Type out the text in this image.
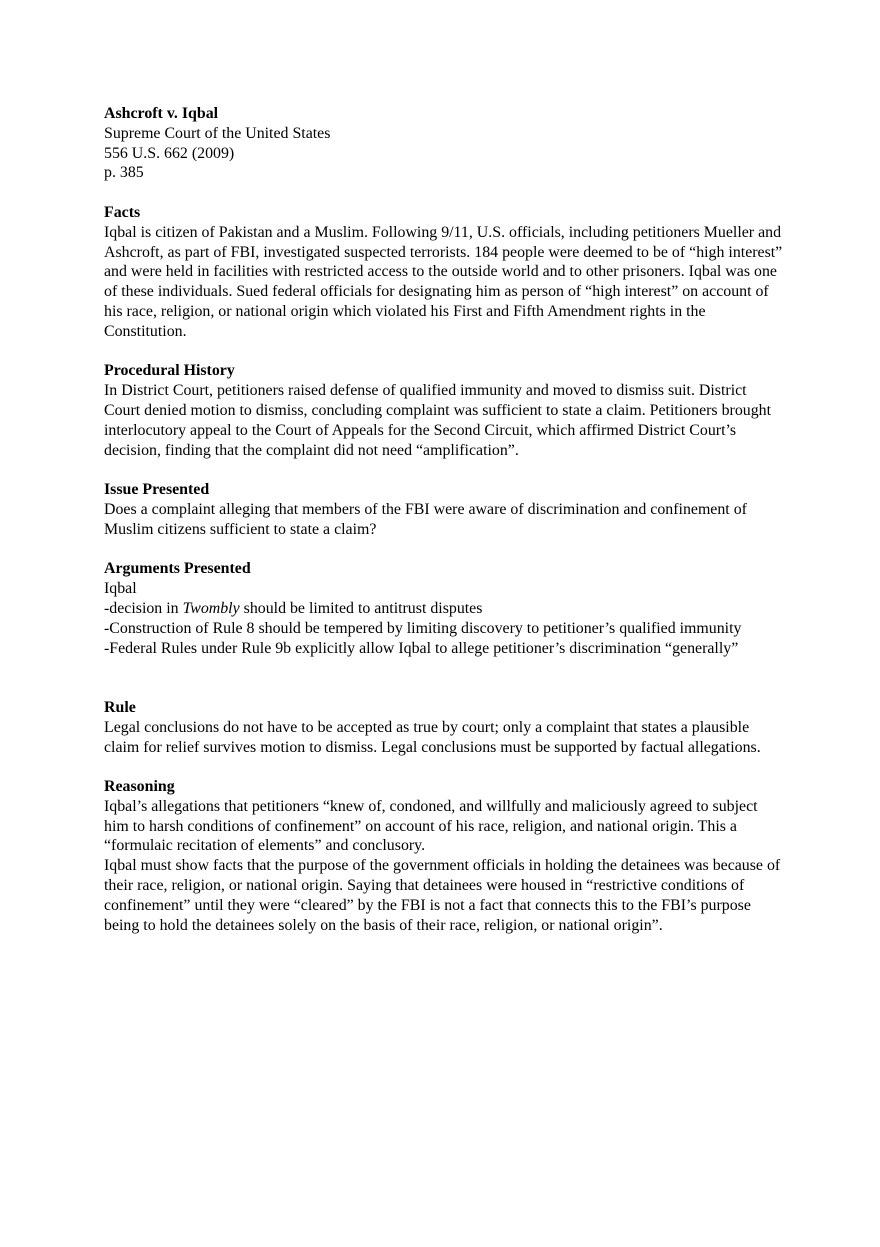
Ashcroft v. Iqbal

Supreme Court of the United States

556 U.S. 662 (2009)

p. 385

Facts

Iqbal is citizen of Pakistan and a Muslim. Following 9/11, U.S. officials, including petitioners Mueller and Ashcroft, as part of FBI, investigated suspected terrorists. 184 people were deemed to be of “high interest” and were held in facilities with restricted access to the outside world and to other prisoners. Iqbal was one of these individuals. Sued federal officials for designating him as person of “high interest” on account of his race, religion, or national origin which violated his First and Fifth Amendment rights in the Constitution.

Procedural History

In District Court, petitioners raised defense of qualified immunity and moved to dismiss suit. District Court denied motion to dismiss, concluding complaint was sufficient to state a claim. Petitioners brought interlocutory appeal to the Court of Appeals for the Second Circuit, which affirmed District Court’s decision, finding that the complaint did not need “amplification”.

Issue Presented

Does a complaint alleging that members of the FBI were aware of discrimination and confinement of Muslim citizens sufficient to state a claim?

Arguments Presented

Iqbal

-decision in Twombly should be limited to antitrust disputes

-Construction of Rule 8 should be tempered by limiting discovery to petitioner’s qualified immunity

-Federal Rules under Rule 9b explicitly allow Iqbal to allege petitioner’s discrimination “generally”

Rule

Legal conclusions do not have to be accepted as true by court; only a complaint that states a plausible claim for relief survives motion to dismiss. Legal conclusions must be supported by factual allegations.

Reasoning

Iqbal’s allegations that petitioners “knew of, condoned, and willfully and maliciously agreed to subject him to harsh conditions of confinement” on account of his race, religion, and national origin. This a “formulaic recitation of elements” and conclusory.

Iqbal must show facts that the purpose of the government officials in holding the detainees was because of their race, religion, or national origin. Saying that detainees were housed in “restrictive conditions of confinement” until they were “cleared” by the FBI is not a fact that connects this to the FBI’s purpose being to hold the detainees solely on the basis of their race, religion, or national origin”.
